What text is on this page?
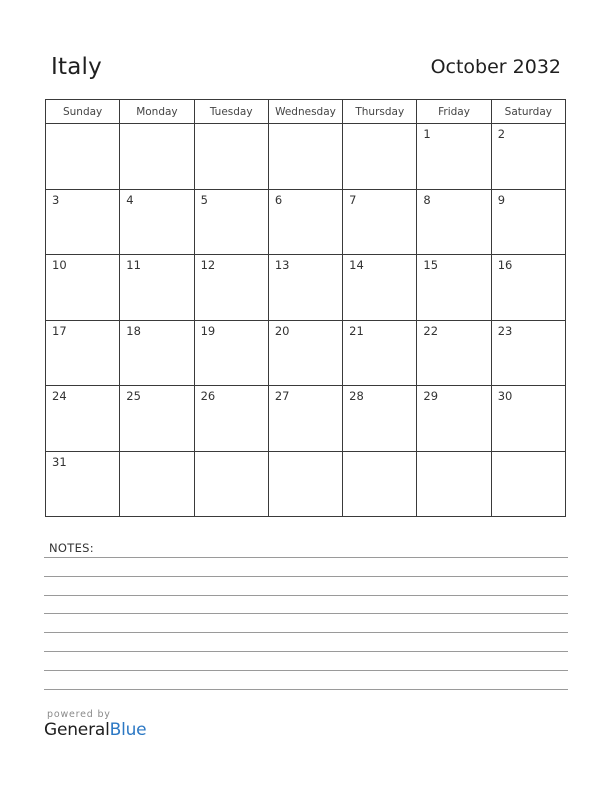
Italy	October 2032
Sunday	Monday	Tuesday	Wednesday	Thursday	Friday	Saturday

					1	2

3	4	5	6	7	8	9

10	11	12	13	14	15	16

17	18	19	20	21	22	23

24	25	26	27	28	29	30

31						

NOTES:
powered by
GeneralBlue
